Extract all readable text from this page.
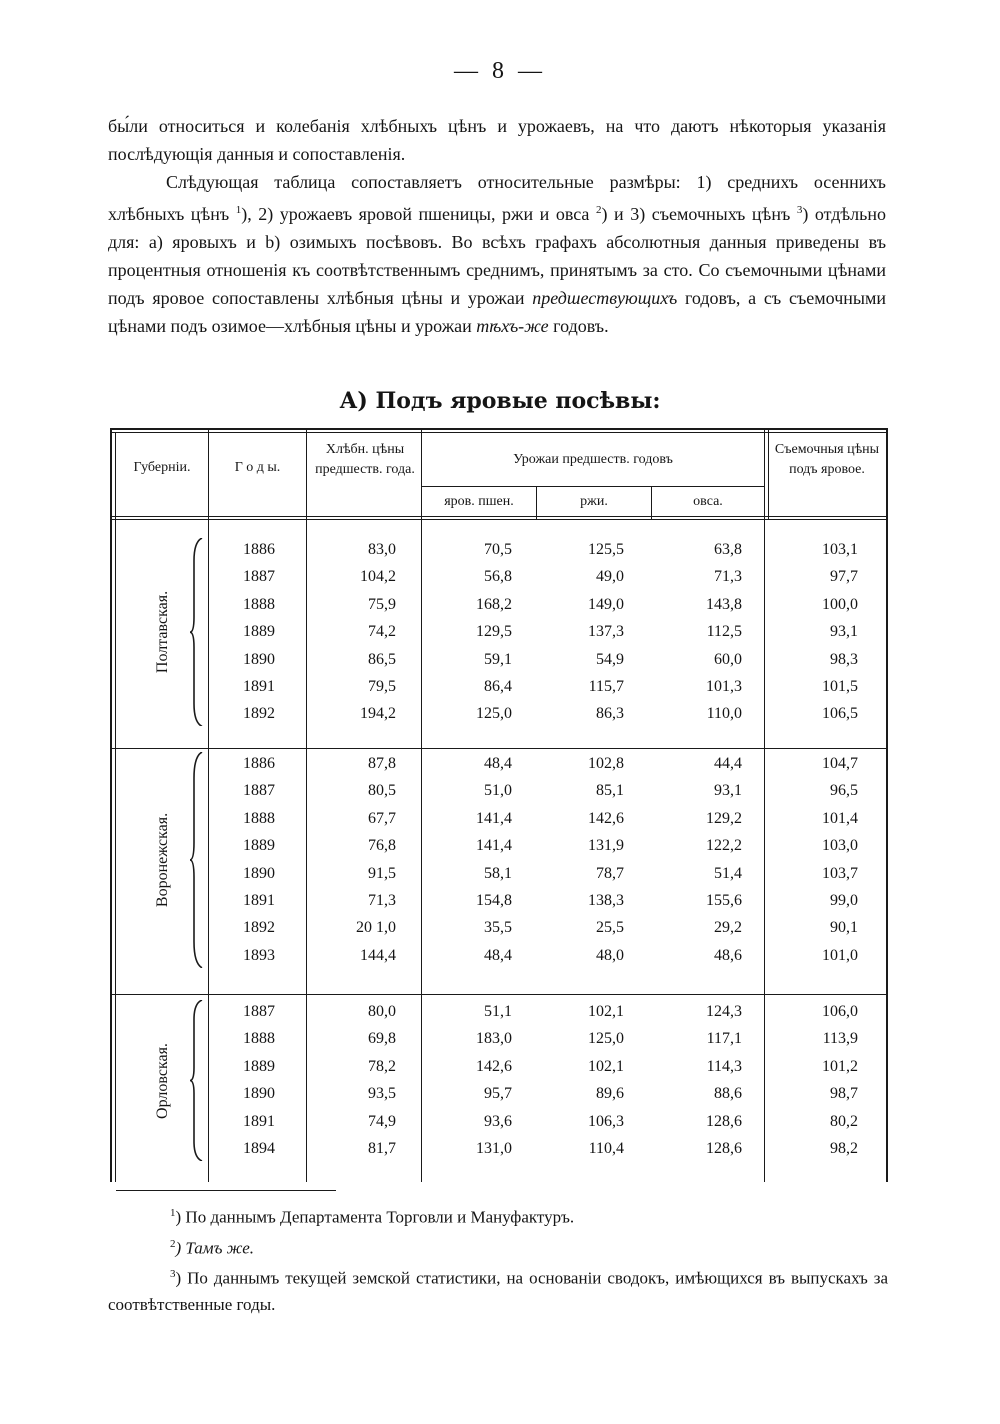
— 8 —

бы́ли относиться и колебанія хлѣбныхъ цѣнъ и урожаевъ, на что даютъ нѣкоторыя указанія послѣдующія данныя и сопоставленія.

Слѣдующая таблица сопоставляетъ относительные размѣры: 1) среднихъ осеннихъ хлѣбныхъ цѣнъ $^1$), 2) урожаевъ яровой пшеницы, ржи и овса $^2$) и 3) съемочныхъ цѣнъ $^3$) отдѣльно для: а) яровыхъ и b) озимыхъ посѣвовъ. Во всѣхъ графахъ абсолютныя данныя приведены въ процентныя отношенія къ соотвѣтственнымъ среднимъ, принятымъ за сто. Со съемочными цѣнами подъ яровое сопоставлены хлѣбныя цѣны и урожаи предшествующихъ годовъ, а съ съемочными цѣнами подъ озимое—хлѣбныя цѣны и урожаи тѣхъ-же годовъ.

А) Подъ яровые посѣвы:
Губерніи.	Г о д ы.
Хлѣбн. цѣны предшеств. года.
Урожаи предшеств. годовъ
яров. пшен.	ржи.	овса.
Съемочныя цѣны подъ яровое.
Полтавская.
1886	83,0	70,5	125,5	63,8	103,1
1887	104,2	56,8	49,0	71,3	97,7
1888	75,9	168,2	149,0	143,8	100,0
1889	74,2	129,5	137,3	112,5	93,1
1890	86,5	59,1	54,9	60,0	98,3
1891	79,5	86,4	115,7	101,3	101,5
1892	194,2	125,0	86,3	110,0	106,5
Воронежская.
1886	87,8	48,4	102,8	44,4	104,7
1887	80,5	51,0	85,1	93,1	96,5
1888	67,7	141,4	142,6	129,2	101,4
1889	76,8	141,4	131,9	122,2	103,0
1890	91,5	58,1	78,7	51,4	103,7
1891	71,3	154,8	138,3	155,6	99,0
1892	20 1,0	35,5	25,5	29,2	90,1
1893	144,4	48,4	48,0	48,6	101,0
Орловская.
1887	80,0	51,1	102,1	124,3	106,0
1888	69,8	183,0	125,0	117,1	113,9
1889	78,2	142,6	102,1	114,3	101,2
1890	93,5	95,7	89,6	88,6	98,7
1891	74,9	93,6	106,3	128,6	80,2
1894	81,7	131,0	110,4	128,6	98,2

$^1$) По даннымъ Департамента Торговли и Мануфактуръ.

$^2$) Тамъ же.

$^3$) По даннымъ текущей земской статистики, на основаніи сводокъ, имѣющихся въ выпускахъ за соотвѣтственные годы.
